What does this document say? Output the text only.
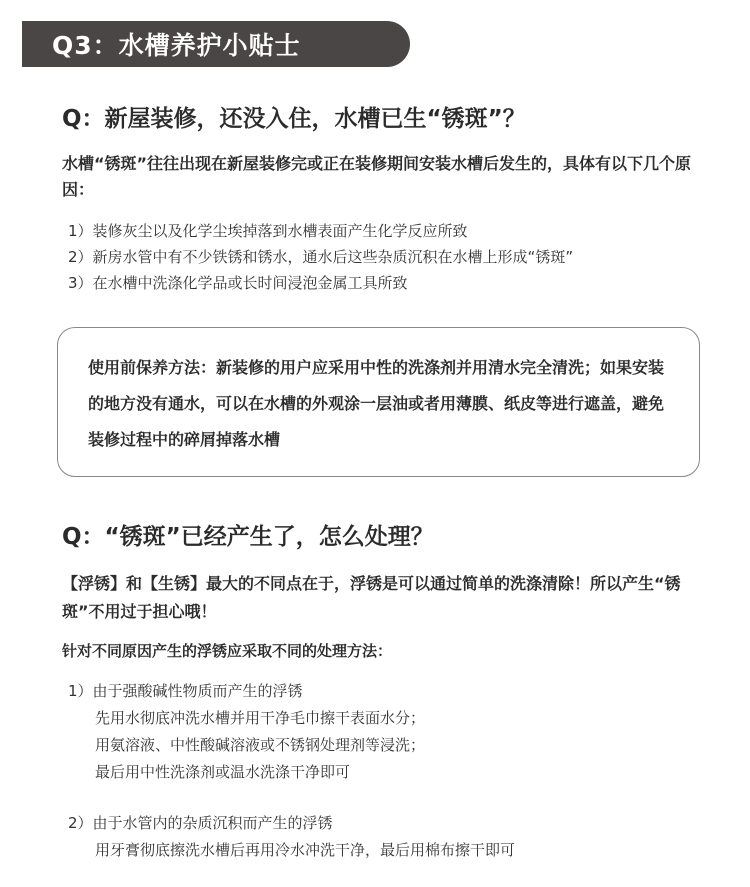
Q3：水槽养护小贴士
Q：新屋装修，还没入住，水槽已生“锈斑”？
水槽“锈斑”往往出现在新屋装修完或正在装修期间安装水槽后发生的，具体有以下几个原因：
1）装修灰尘以及化学尘埃掉落到水槽表面产生化学反应所致
2）新房水管中有不少铁锈和锈水，通水后这些杂质沉积在水槽上形成“锈斑”
3）在水槽中洗涤化学品或长时间浸泡金属工具所致
使用前保养方法：新装修的用户应采用中性的洗涤剂并用清水完全清洗；如果安装的地方没有通水，可以在水槽的外观涂一层油或者用薄膜、纸皮等进行遮盖，避免装修过程中的碎屑掉落水槽
Q：“锈斑”已经产生了，怎么处理？
【浮锈】和【生锈】最大的不同点在于，浮锈是可以通过简单的洗涤清除！所以产生“锈斑”不用过于担心哦！
针对不同原因产生的浮锈应采取不同的处理方法：
1）由于强酸碱性物质而产生的浮锈
先用水彻底冲洗水槽并用干净毛巾擦干表面水分；
用氨溶液、中性酸碱溶液或不锈钢处理剂等浸洗；
最后用中性洗涤剂或温水洗涤干净即可
2）由于水管内的杂质沉积而产生的浮锈
用牙膏彻底擦洗水槽后再用冷水冲洗干净，最后用棉布擦干即可
